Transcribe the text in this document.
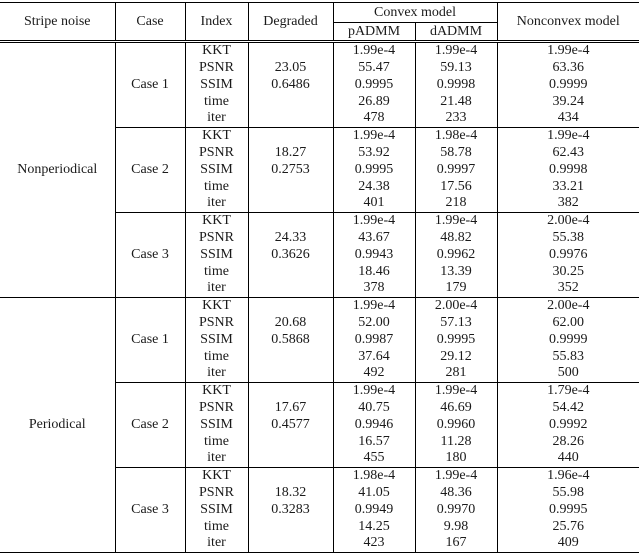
Stripe noise	Case	Index	Degraded	Convex model		Nonconvex model
				pADMM	dADMM	
Nonperiodical	Case 1	KKT		1.99e-4	1.99e-4	1.99e-4
		PSNR	23.05	55.47	59.13	63.36
		SSIM	0.6486	0.9995	0.9998	0.9999
		time		26.89	21.48	39.24
		iter		478	233	434
	Case 2	KKT		1.99e-4	1.98e-4	1.99e-4
		PSNR	18.27	53.92	58.78	62.43
		SSIM	0.2753	0.9995	0.9997	0.9998
		time		24.38	17.56	33.21
		iter		401	218	382
	Case 3	KKT		1.99e-4	1.99e-4	2.00e-4
		PSNR	24.33	43.67	48.82	55.38
		SSIM	0.3626	0.9943	0.9962	0.9976
		time		18.46	13.39	30.25
		iter		378	179	352
Periodical	Case 1	KKT		1.99e-4	2.00e-4	2.00e-4
		PSNR	20.68	52.00	57.13	62.00
		SSIM	0.5868	0.9987	0.9995	0.9999
		time		37.64	29.12	55.83
		iter		492	281	500
	Case 2	KKT		1.99e-4	1.99e-4	1.79e-4
		PSNR	17.67	40.75	46.69	54.42
		SSIM	0.4577	0.9946	0.9960	0.9992
		time		16.57	11.28	28.26
		iter		455	180	440
	Case 3	KKT		1.98e-4	1.99e-4	1.96e-4
		PSNR	18.32	41.05	48.36	55.98
		SSIM	0.3283	0.9949	0.9970	0.9995
		time		14.25	9.98	25.76
		iter		423	167	409
